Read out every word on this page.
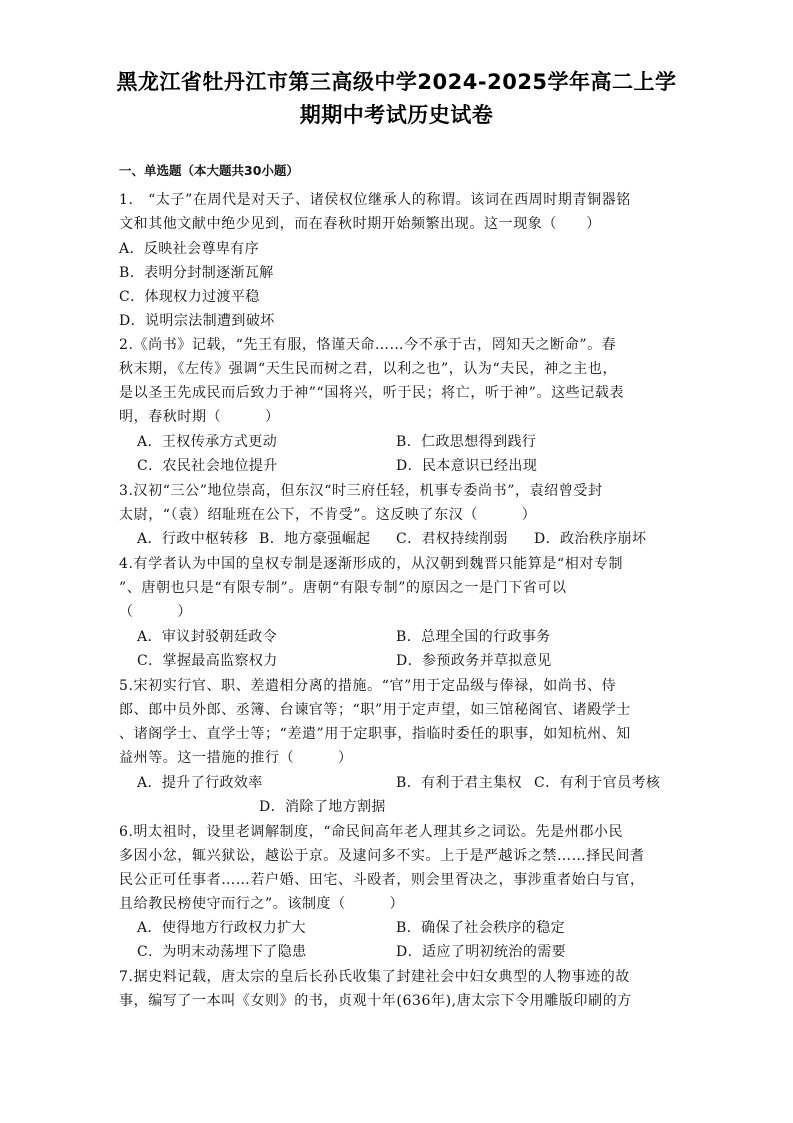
黑龙江省牡丹江市第三高级中学2024-2025学年高二上学
期期中考试历史试卷
一、单选题（本大题共30小题）
1.　“太子”在周代是对天子、诸侯权位继承人的称谓。该词在西周时期青铜器铭
文和其他文献中绝少见到，而在春秋时期开始频繁出现。这一现象（　　）
A．反映社会尊卑有序
B．表明分封制逐渐瓦解
C．体现权力过渡平稳
D．说明宗法制遭到破坏
2.《尚书》记载，“先王有服，恪谨天命……今不承于古，罔知天之断命”。春
秋末期，《左传》强调“天生民而树之君，以利之也”，认为“夫民，神之主也，
是以圣王先成民而后致力于神”“国将兴，听于民；将亡，听于神”。这些记载表
明，春秋时期（　　　）
A．王权传承方式更动	B．仁政思想得到践行
C．农民社会地位提升	D．民本意识已经出现
3.汉初“三公”地位崇高，但东汉“时三府任轻，机事专委尚书”，袁绍曾受封
太尉，“（袁）绍耻班在公下，不肯受”。这反映了东汉（　　　）
A．行政中枢转移 B．地方豪强崛起 C．君权持续削弱 D．政治秩序崩坏
4.有学者认为中国的皇权专制是逐渐形成的，从汉朝到魏晋只能算是“相对专制
”、唐朝也只是“有限专制”。唐朝“有限专制”的原因之一是门下省可以
（　　　）
A．审议封驳朝廷政令	B．总理全国的行政事务
C．掌握最高监察权力	D．参预政务并草拟意见
5.宋初实行官、职、差遣相分离的措施。“官”用于定品级与俸禄，如尚书、侍
郎、郎中员外郎、丞簿、台谏官等；“职”用于定声望，如三馆秘阁官、诸殿学士
、诸阁学士、直学士等；“差遣”用于定职事，指临时委任的职事，如知杭州、知
益州等。这一措施的推行（　　　）
A．提升了行政效率	B．有利于君主集权 C．有利于官员考核
D．消除了地方割据
6.明太祖时，设里老调解制度，“命民间高年老人理其乡之词讼。先是州郡小民
多因小忿，辄兴狱讼，越讼于京。及逮问多不实。上于是严越诉之禁……择民间耆
民公正可任事者……若户婚、田宅、斗殴者，则会里胥决之，事涉重者始白与官，
且给教民榜使守而行之”。该制度（　　　）
A．使得地方行政权力扩大	B．确保了社会秩序的稳定
C．为明末动荡埋下了隐患	D．适应了明初统治的需要
7.据史料记载，唐太宗的皇后长孙氏收集了封建社会中妇女典型的人物事迹的故
事，编写了一本叫《女则》的书，贞观十年(636年),唐太宗下令用雕版印刷的方
